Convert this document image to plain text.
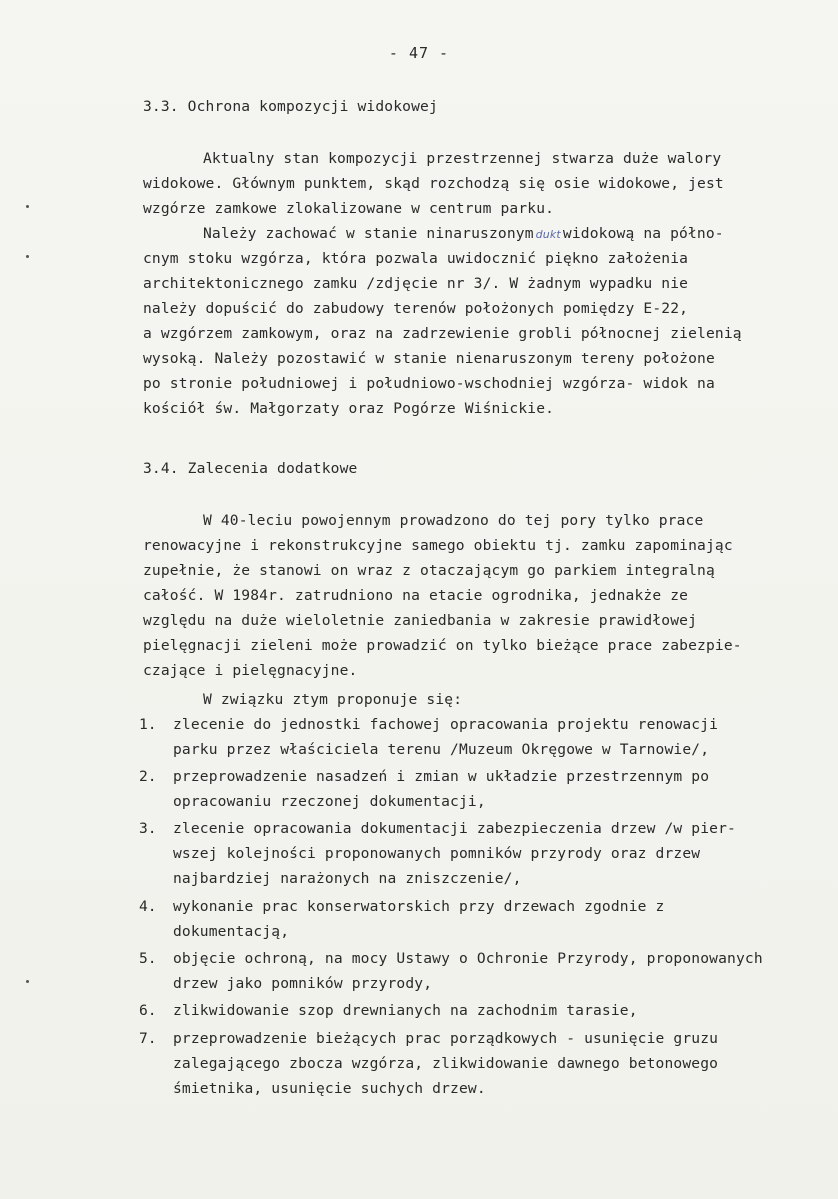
- 47 -
3.3. Ochrona kompozycji widokowej
Aktualny stan kompozycji przestrzennej stwarza duże walory
widokowe. Głównym punktem, skąd rozchodzą się osie widokowe, jest
wzgórze zamkowe zlokalizowane w centrum parku.
Należy zachować w stanie ninaruszonym dukt widokową na półno-
cnym stoku wzgórza, która pozwala uwidocznić piękno założenia
architektonicznego zamku /zdjęcie nr 3/. W żadnym wypadku nie
należy dopuścić do zabudowy terenów położonych pomiędzy E-22,
a wzgórzem zamkowym, oraz na zadrzewienie grobli północnej zielenią
wysoką. Należy pozostawić w stanie nienaruszonym tereny położone
po stronie południowej i południowo-wschodniej wzgórza- widok na
kościół św. Małgorzaty oraz Pogórze Wiśnickie.
3.4. Zalecenia dodatkowe
W 40-leciu powojennym prowadzono do tej pory tylko prace
renowacyjne i rekonstrukcyjne samego obiektu tj. zamku zapominając
zupełnie, że stanowi on wraz z otaczającym go parkiem integralną
całość. W 1984r. zatrudniono na etacie ogrodnika, jednakże ze
względu na duże wieloletnie zaniedbania w zakresie prawidłowej
pielęgnacji zieleni może prowadzić on tylko bieżące prace zabezpie-
czające i pielęgnacyjne.
W związku ztym proponuje się:
1. zlecenie do jednostki fachowej opracowania projektu renowacji
parku przez właściciela terenu /Muzeum Okręgowe w Tarnowie/,
2. przeprowadzenie nasadzeń i zmian w układzie przestrzennym po
opracowaniu rzeczonej dokumentacji,
3. zlecenie opracowania dokumentacji zabezpieczenia drzew /w pier-
wszej kolejności proponowanych pomników przyrody oraz drzew
najbardziej narażonych na zniszczenie/,
4. wykonanie prac konserwatorskich przy drzewach zgodnie z
dokumentacją,
5. objęcie ochroną, na mocy Ustawy o Ochronie Przyrody, proponowanych
drzew jako pomników przyrody,
6. zlikwidowanie szop drewnianych na zachodnim tarasie,
7. przeprowadzenie bieżących prac porządkowych - usunięcie gruzu
zalegającego zbocza wzgórza, zlikwidowanie dawnego betonowego
śmietnika, usunięcie suchych drzew.
